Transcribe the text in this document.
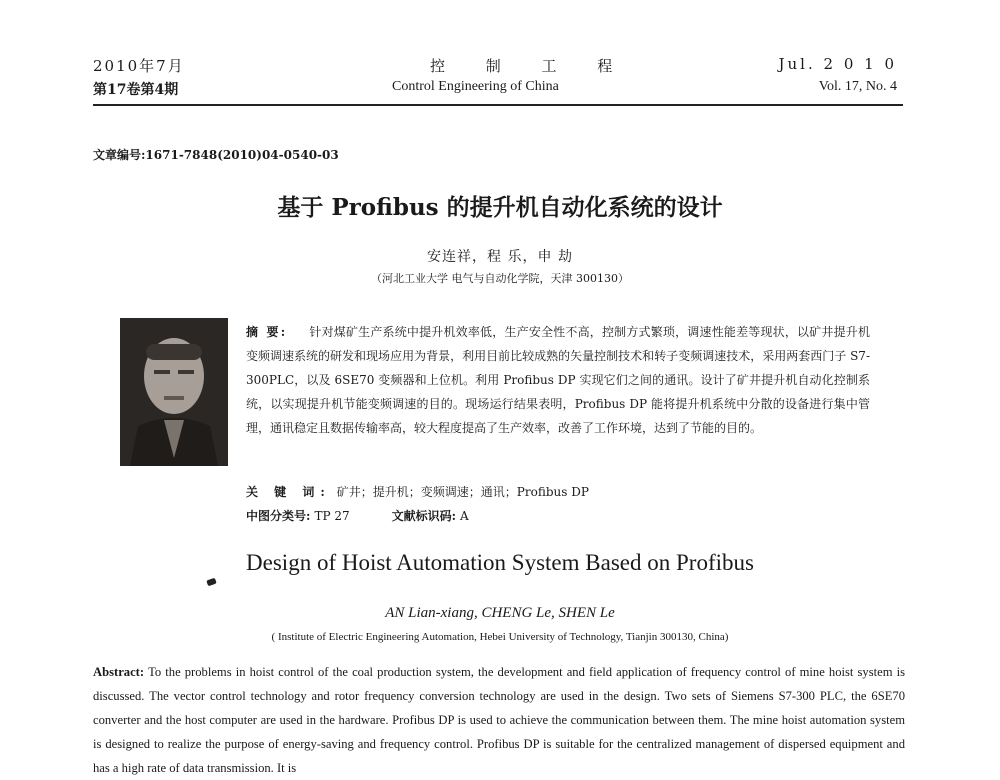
2010年7月
第17卷第4期
控 制 工 程
Control Engineering of China
Jul. 2 0 1 0
Vol. 17, No. 4
文章编号:1671-7848(2010)04-0540-03
基于 Profibus 的提升机自动化系统的设计
安连祥，程 乐，申 劫
（河北工业大学 电气与自动化学院，天津 300130）
摘 要: 针对煤矿生产系统中提升机效率低，生产安全性不高，控制方式繁琐，调速性能差等现状，以矿井提升机变频调速系统的研发和现场应用为背景，利用目前比较成熟的矢量控制技术和转子变频调速技术，采用两套西门子 S7-300PLC，以及 6SE70 变频器和上位机。利用 Profibus DP 实现它们之间的通讯。设计了矿井提升机自动化控制系统，以实现提升机节能变频调速的目的。现场运行结果表明，Profibus DP 能将提升机系统中分散的设备进行集中管理，通讯稳定且数据传输率高，较大程度提高了生产效率，改善了工作环境，达到了节能的目的。
关 键 词: 矿井；提升机；变频调速；通讯；Profibus DP
中图分类号: TP 27	文献标识码: A
Design of Hoist Automation System Based on Profibus
AN Lian-xiang, CHENG Le, SHEN Le
( Institute of Electric Engineering Automation, Hebei University of Technology, Tianjin 300130, China)
Abstract: To the problems in hoist control of the coal production system, the development and field application of frequency control of mine hoist system is discussed. The vector control technology and rotor frequency conversion technology are used in the design. Two sets of Siemens S7-300 PLC, the 6SE70 converter and the host computer are used in the hardware. Profibus DP is used to achieve the communication between them. The mine hoist automation system is designed to realize the purpose of energy-saving and frequency control. Profibus DP is suitable for the centralized management of dispersed equipment and has a high rate of data transmission. It is
